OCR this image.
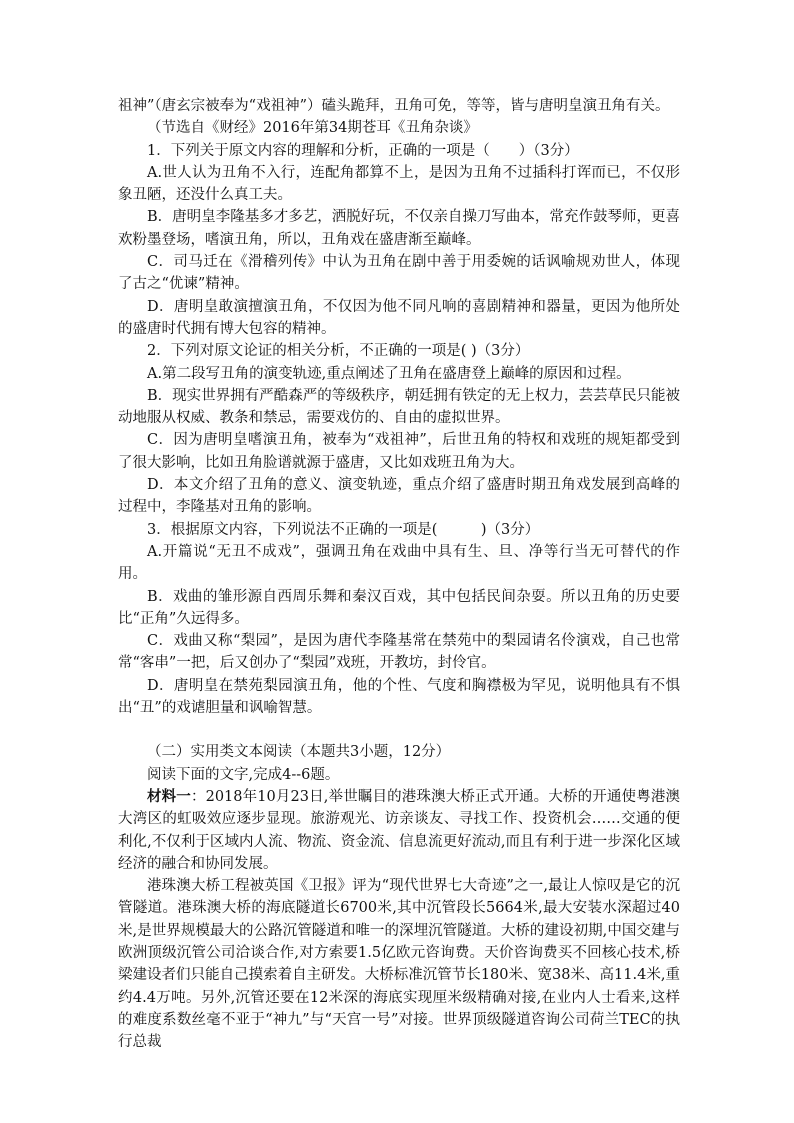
祖神”（唐玄宗被奉为“戏祖神”）磕头跪拜，丑角可免，等等，皆与唐明皇演丑角有关。

（节选自《财经》2016年第34期苍耳《丑角杂谈》

1．下列关于原文内容的理解和分析，正确的一项是（　　）（3分）

A.世人认为丑角不入行，连配角都算不上，是因为丑角不过插科打诨而已，不仅形象丑陋，还没什么真工夫。

B．唐明皇李隆基多才多艺，洒脱好玩，不仅亲自操刀写曲本，常充作鼓琴师，更喜欢粉墨登场，嗜演丑角，所以，丑角戏在盛唐渐至巅峰。

C．司马迁在《滑稽列传》中认为丑角在剧中善于用委婉的话讽喻规劝世人，体现了古之“优谏”精神。

D．唐明皇敢演擅演丑角，不仅因为他不同凡响的喜剧精神和器量，更因为他所处的盛唐时代拥有博大包容的精神。

2．下列对原文论证的相关分析，不正确的一项是( )（3分）

A.第二段写丑角的演变轨迹,重点阐述了丑角在盛唐登上巅峰的原因和过程。

B．现实世界拥有严酷森严的等级秩序，朝廷拥有铁定的无上权力，芸芸草民只能被动地服从权威、教条和禁忌，需要戏仿的、自由的虚拟世界。

C．因为唐明皇嗜演丑角，被奉为“戏祖神”，后世丑角的特权和戏班的规矩都受到了很大影响，比如丑角脸谱就源于盛唐，又比如戏班丑角为大。

D．本文介绍了丑角的意义、演变轨迹，重点介绍了盛唐时期丑角戏发展到高峰的过程中，李隆基对丑角的影响。

3．根据原文内容，下列说法不正确的一项是(　　　)（3分）

A.开篇说“无丑不成戏”，强调丑角在戏曲中具有生、旦、净等行当无可替代的作用。

B．戏曲的雏形源自西周乐舞和秦汉百戏，其中包括民间杂耍。所以丑角的历史要比“正角”久远得多。

C．戏曲又称“梨园”，是因为唐代李隆基常在禁苑中的梨园请名伶演戏，自己也常常“客串”一把，后又创办了“梨园”戏班，开教坊，封伶官。

D．唐明皇在禁苑梨园演丑角，他的个性、气度和胸襟极为罕见，说明他具有不惧出“丑”的戏谑胆量和讽喻智慧。

（二）实用类文本阅读（本题共3小题，12分）

阅读下面的文字,完成4--6题。

材料一：2018年10月23日,举世瞩目的港珠澳大桥正式开通。大桥的开通使粤港澳大湾区的虹吸效应逐步显现。旅游观光、访亲谈友、寻找工作、投资机会……交通的便利化,不仅利于区域内人流、物流、资金流、信息流更好流动,而且有利于进一步深化区域经济的融合和协同发展。

港珠澳大桥工程被英国《卫报》评为“现代世界七大奇迹”之一,最让人惊叹是它的沉管隧道。港珠澳大桥的海底隧道长6700米,其中沉管段长5664米,最大安装水深超过40米,是世界规模最大的公路沉管隧道和唯一的深埋沉管隧道。大桥的建设初期,中国交建与欧洲顶级沉管公司洽谈合作,对方索要1.5亿欧元咨询费。天价咨询费买不回核心技术,桥梁建设者们只能自己摸索着自主研发。大桥标准沉管节长180米、宽38米、高11.4米,重约4.4万吨。另外,沉管还要在12米深的海底实现厘米级精确对接,在业内人士看来,这样的难度系数丝毫不亚于“神九”与“天宫一号”对接。世界顶级隧道咨询公司荷兰TEC的执行总裁
